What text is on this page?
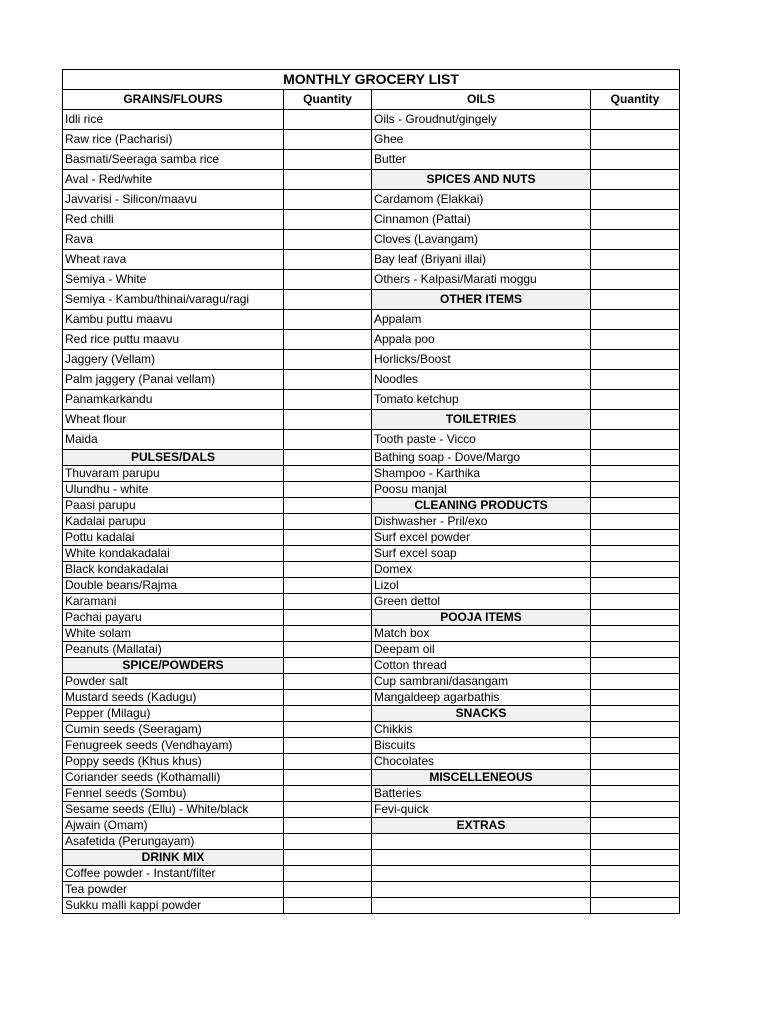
MONTHLY GROCERY LIST			
GRAINS/FLOURS	Quantity	OILS	Quantity
Idli rice		Oils - Groudnut/gingely	
Raw rice (Pacharisi)		Ghee	
Basmati/Seeraga samba rice		Butter	
Aval - Red/white		SPICES AND NUTS	
Javvarisi - Silicon/maavu		Cardamom (Elakkai)	
Red chilli		Cinnamon (Pattai)	
Rava		Cloves (Lavangam)	
Wheat rava		Bay leaf (Briyani illai)	
Semiya - White		Others - Kalpasi/Marati moggu	
Semiya - Kambu/thinai/varagu/ragi		OTHER ITEMS	
Kambu puttu maavu		Appalam	
Red rice puttu maavu		Appala poo	
Jaggery (Vellam)		Horlicks/Boost	
Palm jaggery (Panai vellam)		Noodles	
Panamkarkandu		Tomato ketchup	
Wheat flour		TOILETRIES	
Maida		Tooth paste - Vicco	
PULSES/DALS		Bathing soap - Dove/Margo	
Thuvaram parupu		Shampoo - Karthika	
Ulundhu - white		Poosu manjal	
Paasi parupu		CLEANING PRODUCTS	
Kadalai parupu		Dishwasher - Pril/exo	
Pottu kadalai		Surf excel powder	
White kondakadalai		Surf excel soap	
Black kondakadalai		Domex	
Double beans/Rajma		Lizol	
Karamani		Green dettol	
Pachai payaru		POOJA ITEMS	
White solam		Match box	
Peanuts (Mallatai)		Deepam oil	
SPICE/POWDERS		Cotton thread	
Powder salt		Cup sambrani/dasangam	
Mustard seeds (Kadugu)		Mangaldeep agarbathis	
Pepper (Milagu)		SNACKS	
Cumin seeds (Seeragam)		Chikkis	
Fenugreek seeds (Vendhayam)		Biscuits	
Poppy seeds (Khus khus)		Chocolates	
Coriander seeds (Kothamalli)		MISCELLENEOUS	
Fennel seeds (Sombu)		Batteries	
Sesame seeds (Ellu) - White/black		Fevi-quick	
Ajwain (Omam)		EXTRAS	
Asafetida (Perungayam)			
DRINK MIX			
Coffee powder - Instant/filter			
Tea powder			
Sukku malli kappi powder			
